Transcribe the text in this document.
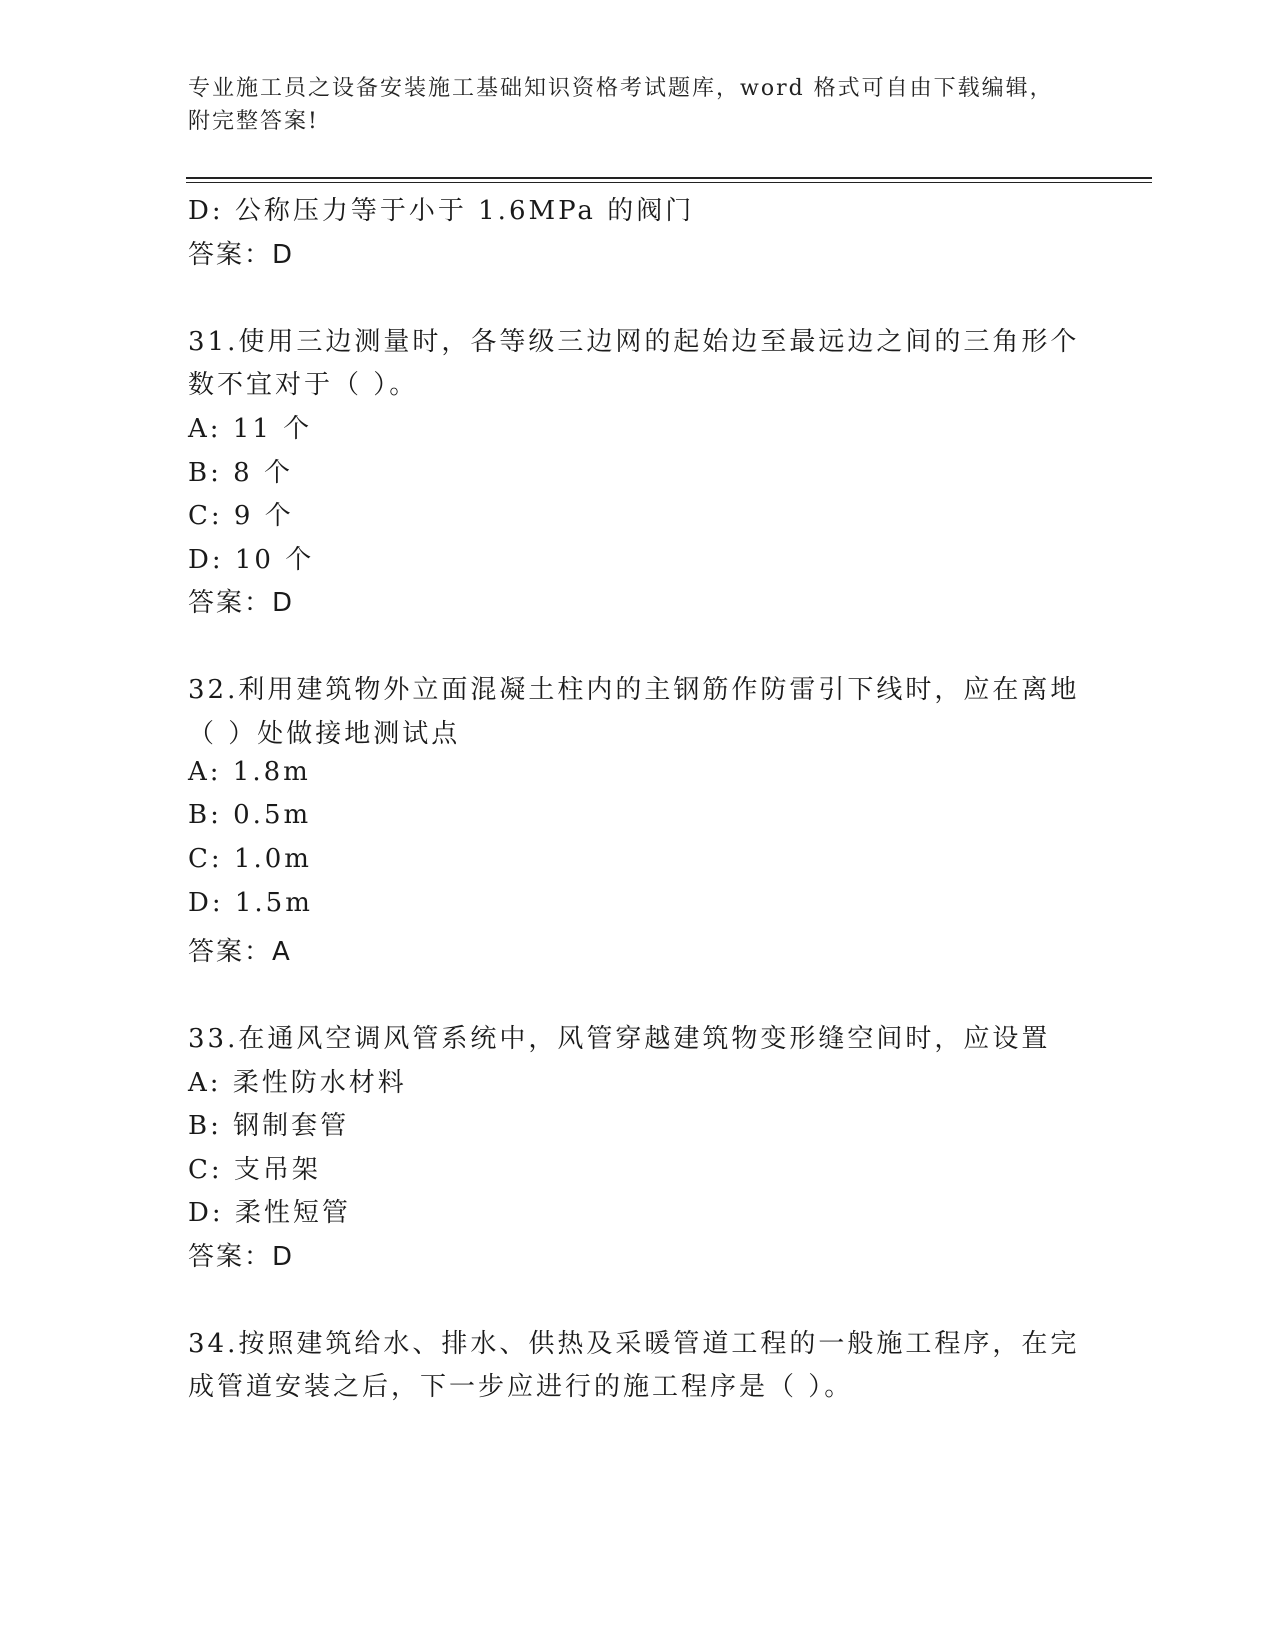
专业施工员之设备安装施工基础知识资格考试题库，word 格式可自由下载编辑，
附完整答案!
D: 公称压力等于小于 1.6MPa 的阀门
答案：D
31.使用三边测量时，各等级三边网的起始边至最远边之间的三角形个
数不宜对于（ ）。
A: 11 个
B: 8 个
C: 9 个
D: 10 个
答案：D
32.利用建筑物外立面混凝土柱内的主钢筋作防雷引下线时，应在离地
（ ）处做接地测试点
A: 1.8m
B: 0.5m
C: 1.0m
D: 1.5m
答案：A
33.在通风空调风管系统中，风管穿越建筑物变形缝空间时，应设置
A: 柔性防水材料
B: 钢制套管
C: 支吊架
D: 柔性短管
答案：D
34.按照建筑给水、排水、供热及采暖管道工程的一般施工程序，在完
成管道安装之后，下一步应进行的施工程序是（ ）。
